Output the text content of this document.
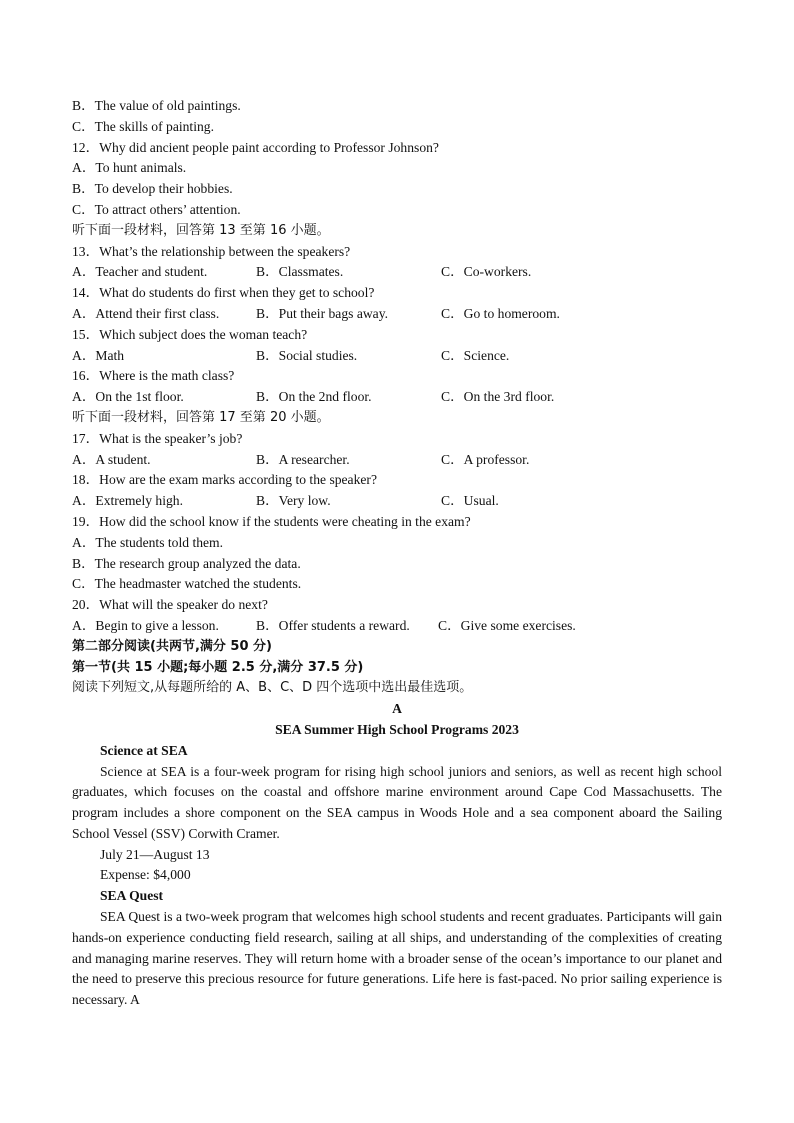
B．The value of old paintings.
C．The skills of painting.
12．Why did ancient people paint according to Professor Johnson?
A．To hunt animals.
B．To develop their hobbies.
C．To attract others’ attention.
听下面一段材料，回答第 13 至第 16 小题。
13．What’s the relationship between the speakers?
A．Teacher and student.	B．Classmates.	C．Co-workers.
14．What do students do first when they get to school?
A．Attend their first class.	B．Put their bags away.	C．Go to homeroom.
15．Which subject does the woman teach?
A．Math	B．Social studies.	C．Science.
16．Where is the math class?
A．On the 1st floor.	B．On the 2nd floor.	C．On the 3rd floor.
听下面一段材料，回答第 17 至第 20 小题。
17．What is the speaker’s job?
A．A student.	B．A researcher.	C．A professor.
18．How are the exam marks according to the speaker?
A．Extremely high.	B．Very low.	C．Usual.
19．How did the school know if the students were cheating in the exam?
A．The students told them.
B．The research group analyzed the data.
C．The headmaster watched the students.
20．What will the speaker do next?
A．Begin to give a lesson.	B．Offer students a reward.	C．Give some exercises.
第二部分阅读(共两节,满分 50 分)
第一节(共 15 小题;每小题 2.5 分,满分 37.5 分)
阅读下列短文,从每题所给的 A、B、C、D 四个选项中选出最佳选项。
A
SEA Summer High School Programs 2023
Science at SEA
Science at SEA is a four-week program for rising high school juniors and seniors, as well as recent high school graduates, which focuses on the coastal and offshore marine environment around Cape Cod Massachusetts. The program includes a shore component on the SEA campus in Woods Hole and a sea component aboard the Sailing School Vessel (SSV) Corwith Cramer.
July 21—August 13
Expense: $4,000
SEA Quest
SEA Quest is a two-week program that welcomes high school students and recent graduates. Participants will gain hands-on experience conducting field research, sailing at all ships, and understanding of the complexities of creating and managing marine reserves. They will return home with a broader sense of the ocean’s importance to our planet and the need to preserve this precious resource for future generations. Life here is fast-paced. No prior sailing experience is necessary. A
